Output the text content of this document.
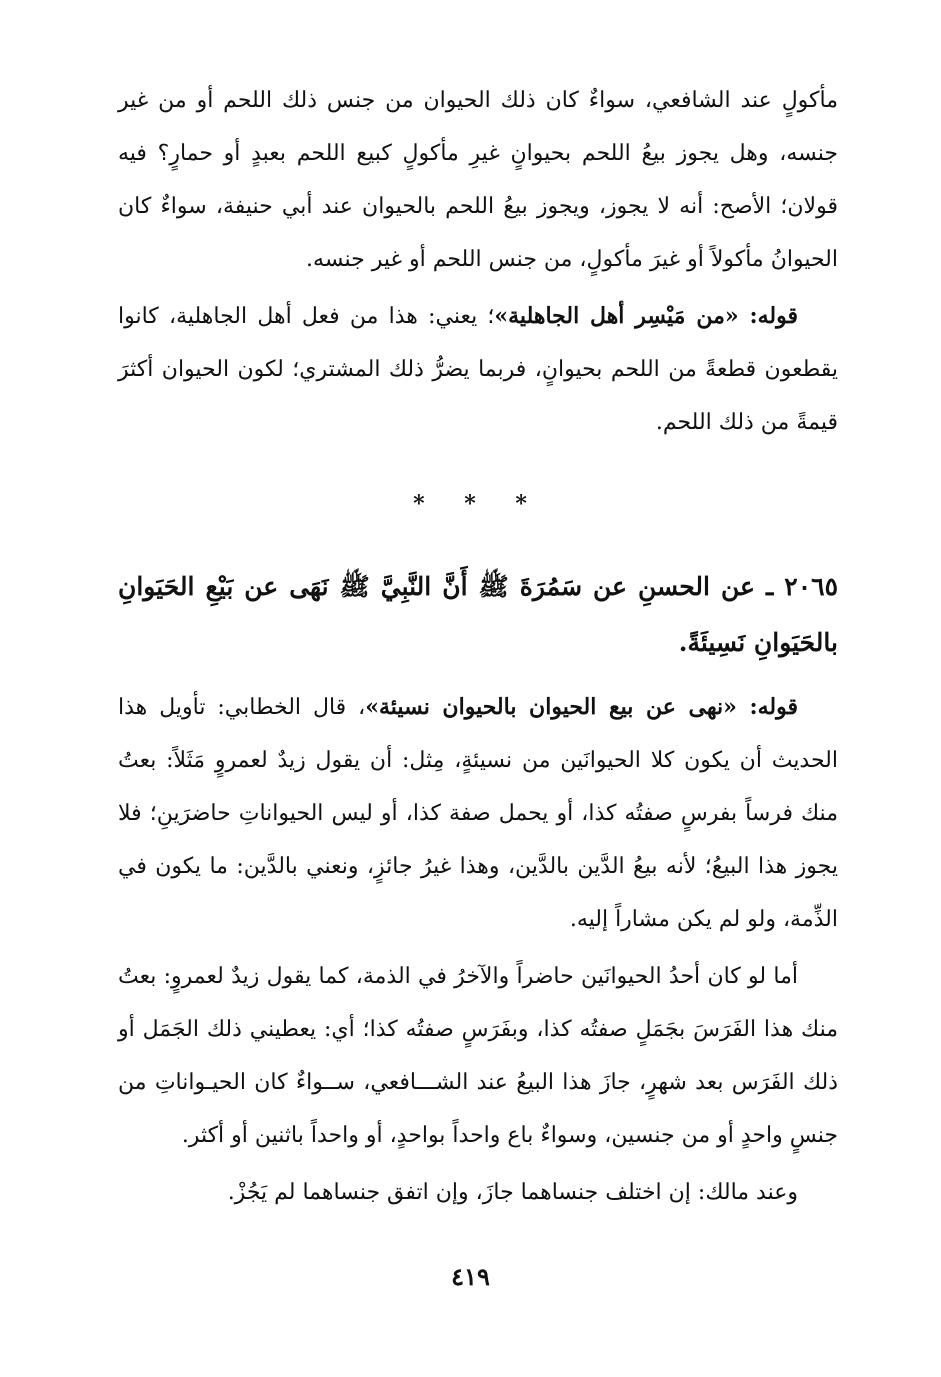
مأكولٍ عند الشافعي، سواءٌ كان ذلك الحيوان من جنس ذلك اللحم أو من غير جنسه، وهل يجوز بيعُ اللحم بحيوانٍ غيرِ مأكولٍ كبيع اللحم بعبدٍ أو حمارٍ؟ فيه قولان؛ الأصح: أنه لا يجوز، ويجوز بيعُ اللحم بالحيوان عند أبي حنيفة، سواءٌ كان الحيوانُ مأكولاً أو غيرَ مأكولٍ، من جنس اللحم أو غير جنسه.

قوله: «من مَيْسِر أهل الجاهلية»؛ يعني: هذا من فعل أهل الجاهلية، كانوا يقطعون قطعةً من اللحم بحيوانٍ، فربما يضرُّ ذلك المشتري؛ لكون الحيوان أكثرَ قيمةً من ذلك اللحم.

* * *

٢٠٦٥ ـ عن الحسنِ عن سَمُرَةَ ﷺ أَنَّ النَّبِيَّ ﷺ نَهَى عن بَيْعِ الحَيَوانِ بالحَيَوانِ نَسِيئَةً.

قوله: «نهى عن بيع الحيوان بالحيوان نسيئة»، قال الخطابي: تأويل هذا الحديث أن يكون كلا الحيوانَين من نسيئةٍ، مِثل: أن يقول زيدٌ لعمروٍ مَثَلاً: بعتُ منك فرساً بفرسٍ صفتُه كذا، أو يحمل صفة كذا، أو ليس الحيواناتِ حاضرَينِ؛ فلا يجوز هذا البيعُ؛ لأنه بيعُ الدَّين بالدَّين، وهذا غيرُ جائزٍ، ونعني بالدَّين: ما يكون في الذِّمة، ولو لم يكن مشاراً إليه.

أما لو كان أحدُ الحيوانَين حاضراً والآخرُ في الذمة، كما يقول زيدٌ لعمروٍ: بعتُ منك هذا الفَرَسَ بجَمَلٍ صفتُه كذا، وبفَرَسٍ صفتُه كذا؛ أي: يعطيني ذلك الجَمَل أو ذلك الفَرَس بعد شهرٍ، جازَ هذا البيعُ عند الشـــافعي، ســواءٌ كان الحيـواناتِ من جنسٍ واحدٍ أو من جنسين، وسواءٌ باع واحداً بواحدٍ، أو واحداً باثنين أو أكثر.

وعند مالك: إن اختلف جنساهما جازَ، وإن اتفق جنساهما لم يَجُزْ.

٤١٩
